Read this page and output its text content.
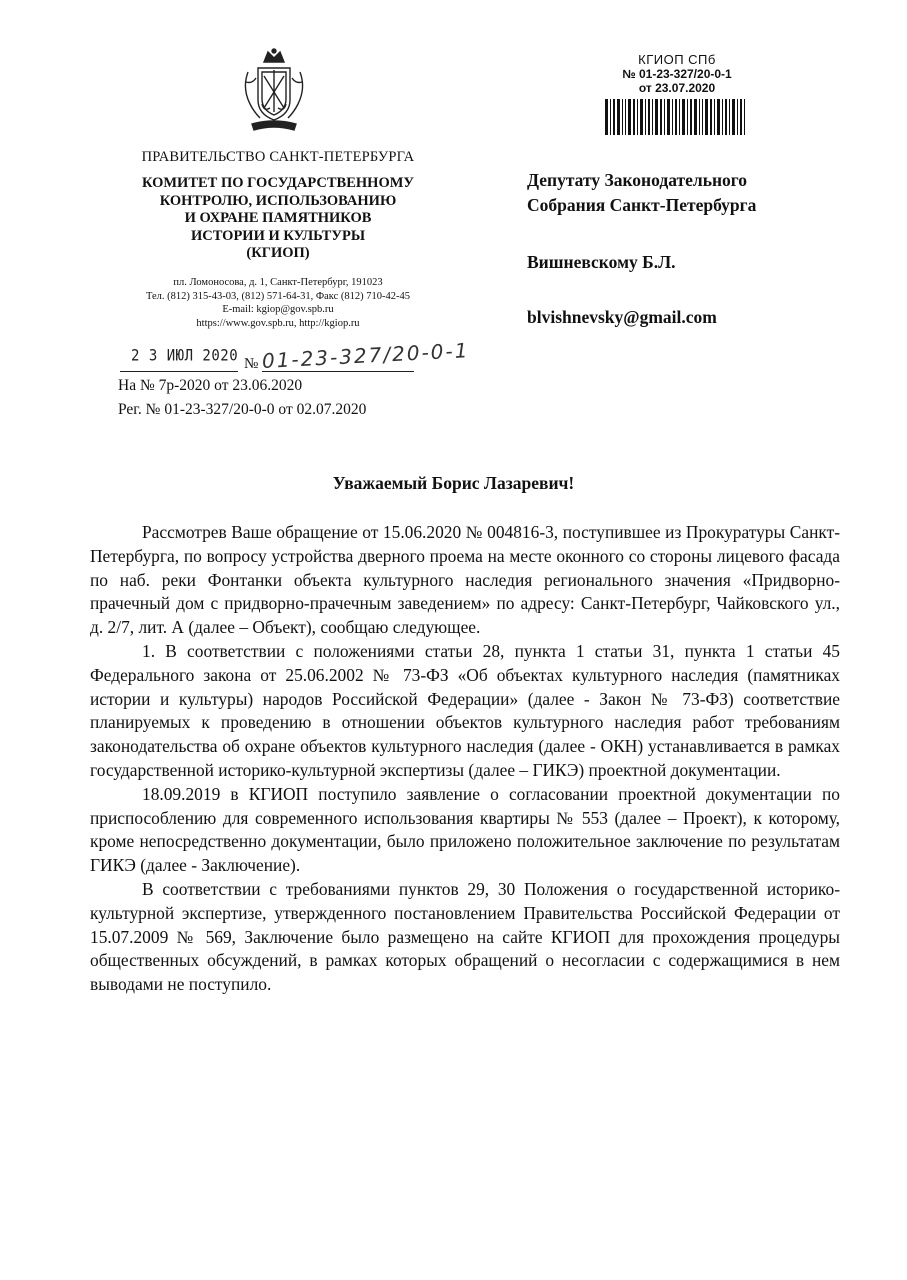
ПРАВИТЕЛЬСТВО САНКТ-ПЕТЕРБУРГА
КОМИТЕТ ПО ГОСУДАРСТВЕННОМУ
КОНТРОЛЮ, ИСПОЛЬЗОВАНИЮ
И ОХРАНЕ ПАМЯТНИКОВ
ИСТОРИИ И КУЛЬТУРЫ
(КГИОП)
пл. Ломоносова, д. 1, Санкт-Петербург, 191023
Тел. (812) 315-43-03, (812) 571-64-31, Факс (812) 710-42-45
E-mail: kgiop@gov.spb.ru
https://www.gov.spb.ru, http://kgiop.ru
2 3 ИЮЛ 2020 № 01-23-327/20-0-1
На № 7р-2020 от 23.06.2020
Рег. № 01-23-327/20-0-0 от 02.07.2020
КГИОП СПб
№ 01-23-327/20-0-1
от 23.07.2020
Депутату Законодательного
Собрания Санкт-Петербурга
Вишневскому Б.Л.
blvishnevsky@gmail.com
Уважаемый Борис Лазаревич!

Рассмотрев Ваше обращение от 15.06.2020 № 004816-3, поступившее из Прокуратуры Санкт-Петербурга, по вопросу устройства дверного проема на месте оконного со стороны лицевого фасада по наб. реки Фонтанки объекта культурного наследия регионального значения «Придворно-прачечный дом с придворно-прачечным заведением» по адресу: Санкт-Петербург, Чайковского ул., д. 2/7, лит. А (далее – Объект), сообщаю следующее.

1. В соответствии с положениями статьи 28, пункта 1 статьи 31, пункта 1 статьи 45 Федерального закона от 25.06.2002 № 73-ФЗ «Об объектах культурного наследия (памятниках истории и культуры) народов Российской Федерации» (далее - Закон № 73-ФЗ) соответствие планируемых к проведению в отношении объектов культурного наследия работ требованиям законодательства об охране объектов культурного наследия (далее - ОКН) устанавливается в рамках государственной историко-культурной экспертизы (далее – ГИКЭ) проектной документации.

18.09.2019 в КГИОП поступило заявление о согласовании проектной документации по приспособлению для современного использования квартиры № 553 (далее – Проект), к которому, кроме непосредственно документации, было приложено положительное заключение по результатам ГИКЭ (далее - Заключение).

В соответствии с требованиями пунктов 29, 30 Положения о государственной историко-культурной экспертизе, утвержденного постановлением Правительства Российской Федерации от 15.07.2009 № 569, Заключение было размещено на сайте КГИОП для прохождения процедуры общественных обсуждений, в рамках которых обращений о несогласии с содержащимися в нем выводами не поступило.
